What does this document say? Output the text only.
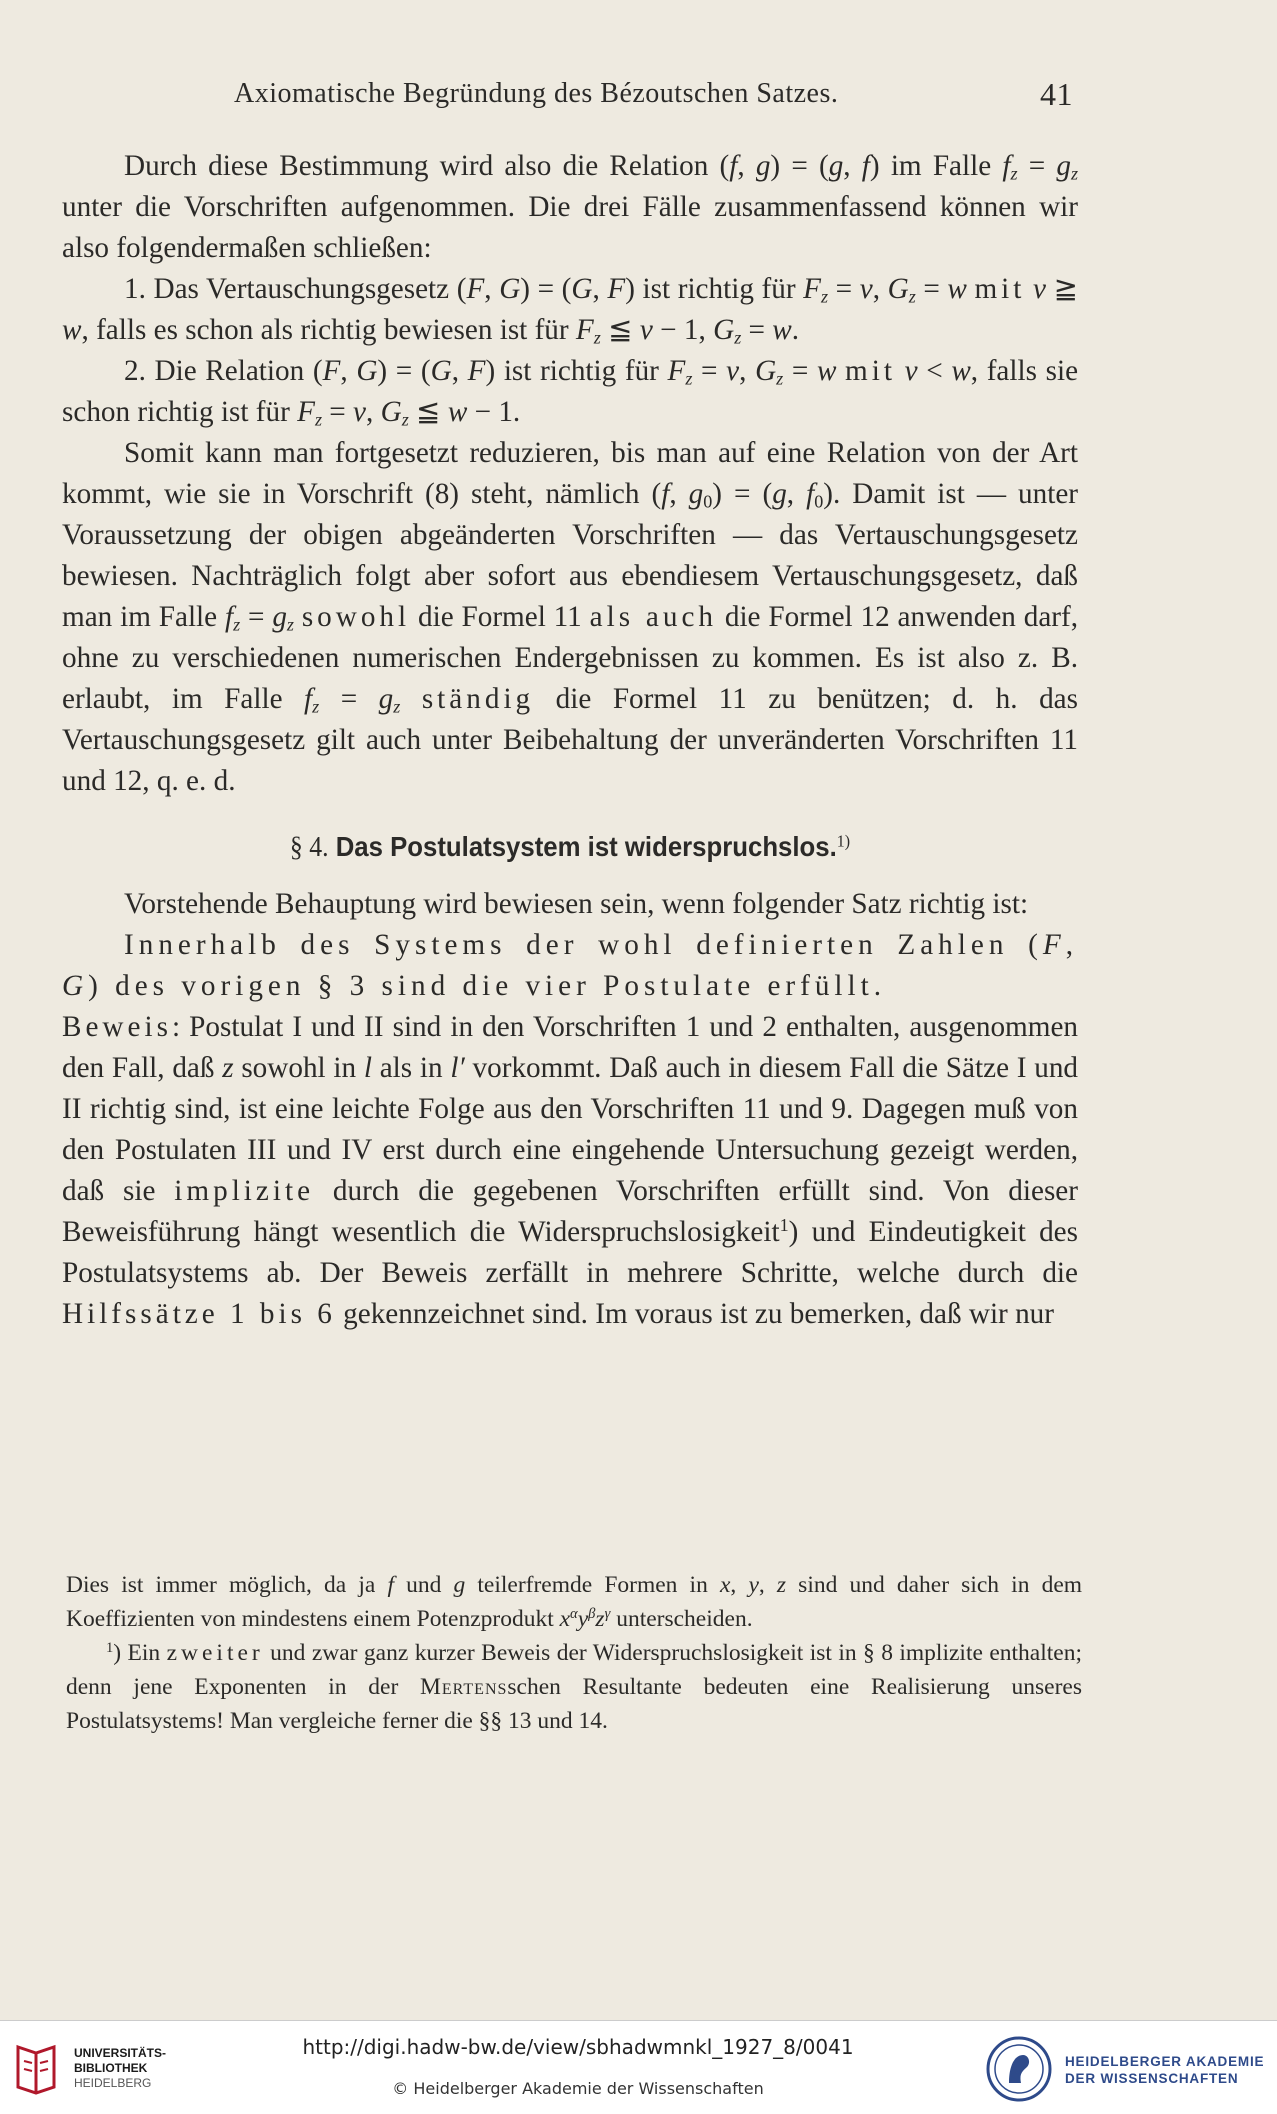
Axiomatische Begründung des Bézoutschen Satzes.	41

Durch diese Bestimmung wird also die Relation (f, g) = (g, f) im Falle $f_z = g_z$ unter die Vorschriften aufgenommen. Die drei Fälle zusammenfassend können wir also folgendermaßen schließen:

1. Das Vertauschungsgesetz (F, G) = (G, F) ist richtig für $F_z = v$, $G_z = w$ mit v ≧ w, falls es schon als richtig bewiesen ist für $F_z$ ≦ v − 1, $G_z = w$.

2. Die Relation (F, G) = (G, F) ist richtig für $F_z = v$, $G_z = w$ mit v < w, falls sie schon richtig ist für $F_z = v$, $G_z$ ≦ w − 1.

Somit kann man fortgesetzt reduzieren, bis man auf eine Relation von der Art kommt, wie sie in Vorschrift (8) steht, nämlich (f, $g_0) = (g$, $f_0$). Damit ist — unter Voraussetzung der obigen abgeänderten Vorschriften — das Vertauschungsgesetz bewiesen. Nachträglich folgt aber sofort aus ebendiesem Vertauschungsgesetz, daß man im Falle $f_z = g_z$ sowohl die Formel 11 als auch die Formel 12 anwenden darf, ohne zu verschiedenen numerischen Endergebnissen zu kommen. Es ist also z. B. erlaubt, im Falle $f_z = g_z$ ständig die Formel 11 zu benützen; d. h. das Vertauschungsgesetz gilt auch unter Beibehaltung der unveränderten Vorschriften 11 und 12, q. e. d.

§ 4. Das Postulatsystem ist widerspruchslos.$^{1)}$

Vorstehende Behauptung wird bewiesen sein, wenn folgender Satz richtig ist:

Innerhalb des Systems der wohl definierten Zahlen (F, G) des vorigen § 3 sind die vier Postulate erfüllt.

Beweis: Postulat I und II sind in den Vorschriften 1 und 2 enthalten, ausgenommen den Fall, daß z sowohl in l als in l′ vorkommt. Daß auch in diesem Fall die Sätze I und II richtig sind, ist eine leichte Folge aus den Vorschriften 11 und 9. Dagegen muß von den Postulaten III und IV erst durch eine eingehende Untersuchung gezeigt werden, daß sie implizite durch die gegebenen Vorschriften erfüllt sind. Von dieser Beweisführung hängt wesentlich die Widerspruchslosigkeit$^1$) und Eindeutigkeit des Postulatsystems ab. Der Beweis zerfällt in mehrere Schritte, welche durch die Hilfssätze 1 bis 6 gekennzeichnet sind. Im voraus ist zu bemerken, daß wir nur

Dies ist immer möglich, da ja f und g teilerfremde Formen in x, y, z sind und daher sich in dem Koeffizienten von mindestens einem Potenzprodukt $x^\alpha y^\beta z^\gamma$ unterscheiden.

$^1$) Ein zweiter und zwar ganz kurzer Beweis der Widerspruchslosigkeit ist in § 8 implizite enthalten; denn jene Exponenten in der Mertensschen Resultante bedeuten eine Realisierung unseres Postulatsystems! Man vergleiche ferner die §§ 13 und 14.

UNIVERSITÄTS-
BIBLIOTHEK
HEIDELBERG
http://digi.hadw-bw.de/view/sbhadwmnkl_1927_8/0041
© Heidelberger Akademie der Wissenschaften
HEIDELBERGER AKADEMIE
DER WISSENSCHAFTEN
